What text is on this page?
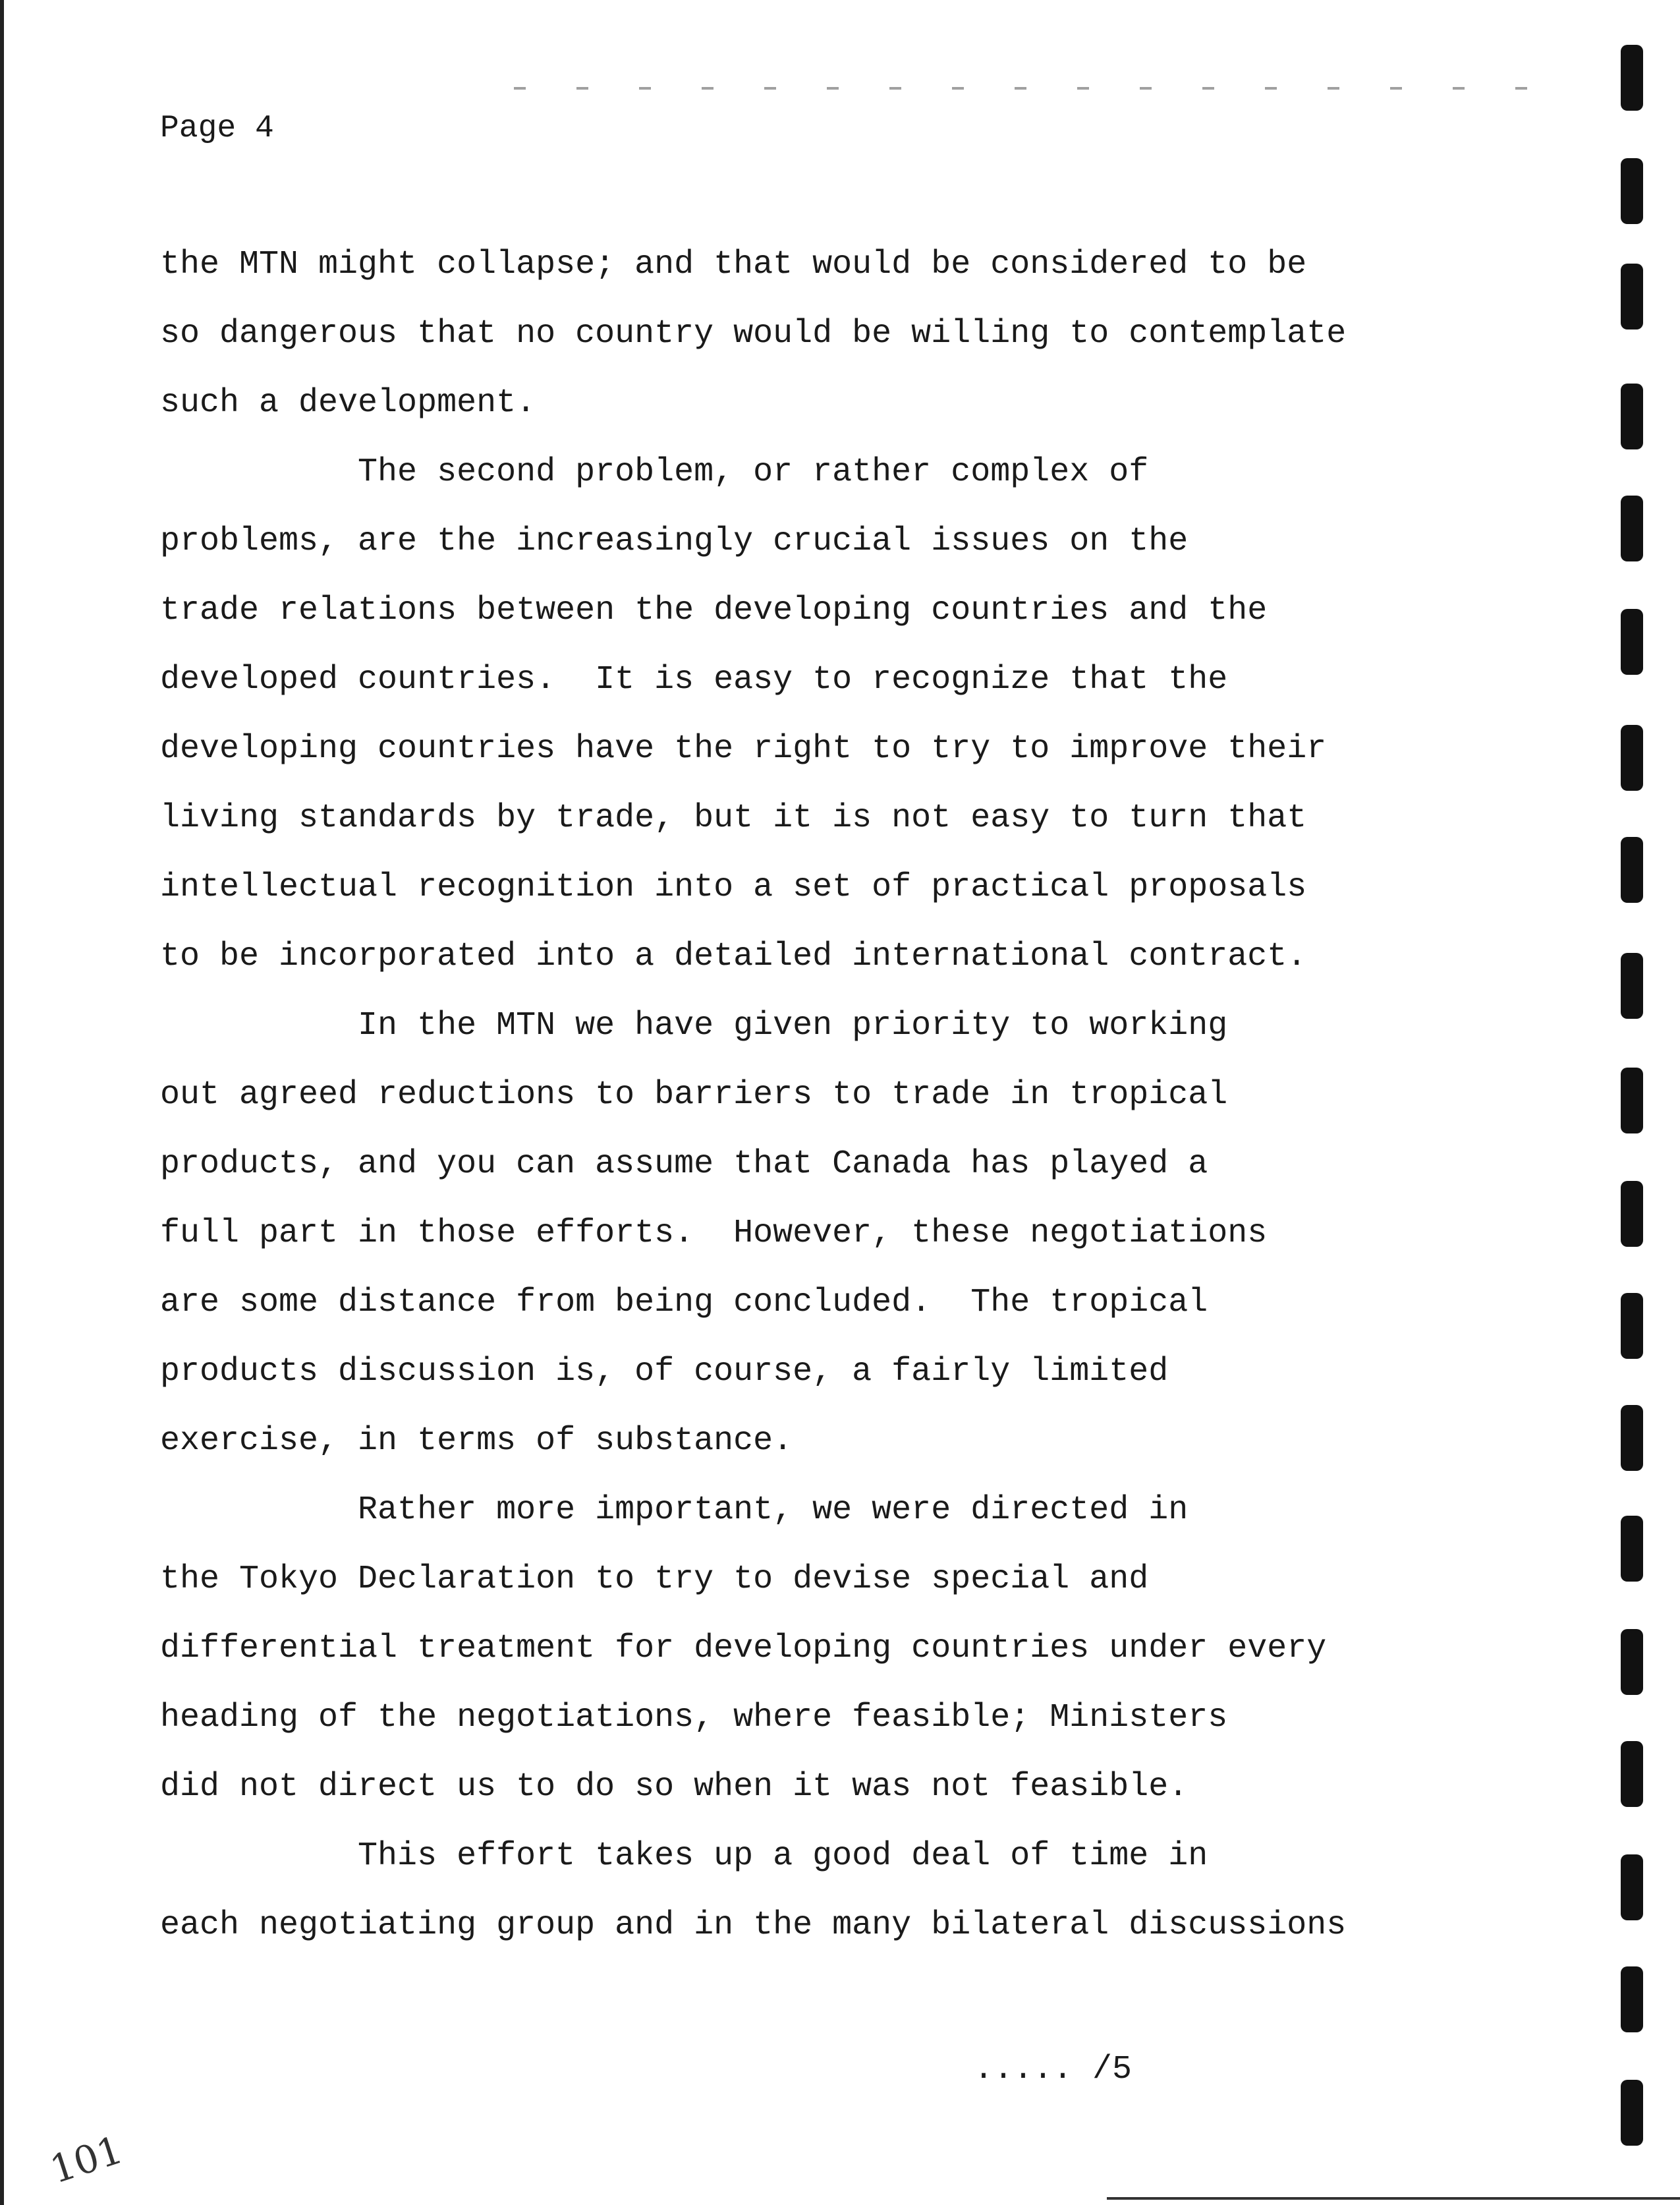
Page 4
the MTN might collapse; and that would be considered to be
so dangerous that no country would be willing to contemplate
such a development.
The second problem, or rather complex of
problems, are the increasingly crucial issues on the
trade relations between the developing countries and the
developed countries.  It is easy to recognize that the
developing countries have the right to try to improve their
living standards by trade, but it is not easy to turn that
intellectual recognition into a set of practical proposals
to be incorporated into a detailed international contract.
In the MTN we have given priority to working
out agreed reductions to barriers to trade in tropical
products, and you can assume that Canada has played a
full part in those efforts.  However, these negotiations
are some distance from being concluded.  The tropical
products discussion is, of course, a fairly limited
exercise, in terms of substance.
Rather more important, we were directed in
the Tokyo Declaration to try to devise special and
differential treatment for developing countries under every
heading of the negotiations, where feasible; Ministers
did not direct us to do so when it was not feasible.
This effort takes up a good deal of time in
each negotiating group and in the many bilateral discussions
..... /5
101
